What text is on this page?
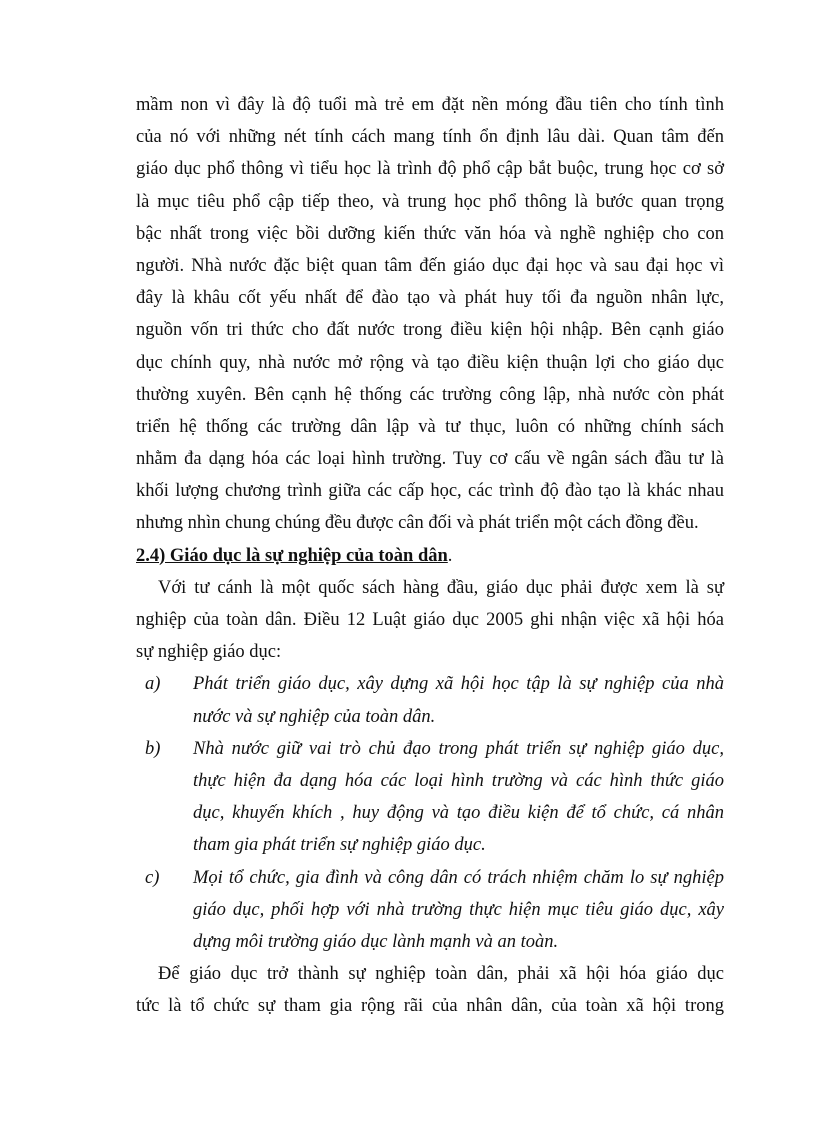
mầm non vì đây là độ tuổi mà trẻ em đặt nền móng đầu tiên cho tính tình
của nó với những nét tính cách mang tính ổn định lâu dài. Quan tâm đến
giáo dục phổ thông vì tiểu học là trình độ phổ cập bắt buộc, trung học cơ sở
là mục tiêu phổ cập tiếp theo, và trung học phổ thông là bước quan trọng
bậc nhất trong việc bồi dưỡng kiến thức văn hóa và nghề nghiệp cho con
người. Nhà nước đặc biệt quan tâm đến giáo dục đại học và sau đại học vì
đây là khâu cốt yếu nhất để đào tạo và phát huy tối đa nguồn nhân lực,
nguồn vốn tri thức cho đất nước trong điều kiện hội nhập. Bên cạnh giáo
dục chính quy, nhà nước mở rộng và tạo điều kiện thuận lợi cho giáo dục
thường xuyên. Bên cạnh hệ thống các trường công lập, nhà nước còn phát
triển hệ thống các trường dân lập và tư thục, luôn có những chính sách
nhằm đa dạng hóa các loại hình trường. Tuy cơ cấu về ngân sách đầu tư là
khối lượng chương trình giữa các cấp học, các trình độ đào tạo là khác nhau
nhưng nhìn chung chúng đều được cân đối và phát triển một cách đồng đều.
2.4) Giáo dục là sự nghiệp của toàn dân.
Với tư cánh là một quốc sách hàng đầu, giáo dục phải được xem là sự
nghiệp của toàn dân. Điều 12 Luật giáo dục 2005 ghi nhận việc xã hội hóa
sự nghiệp giáo dục:
a)	Phát triển giáo dục, xây dựng xã hội học tập là sự nghiệp của nhà
nước và sự nghiệp của toàn dân.
b)	Nhà nước giữ vai trò chủ đạo trong phát triển sự nghiệp giáo dục,
thực hiện đa dạng hóa các loại hình trường và các hình thức giáo
dục, khuyến khích , huy động và tạo điều kiện để tổ chức, cá nhân
tham gia phát triển sự nghiệp giáo dục.
c)	Mọi tổ chức, gia đình và công dân có trách nhiệm chăm lo sự nghiệp
giáo dục, phối hợp với nhà trường thực hiện mục tiêu giáo dục, xây
dựng môi trường giáo dục lành mạnh và an toàn.
Để giáo dục trở thành sự nghiệp toàn dân, phải xã hội hóa giáo dục
tức là tổ chức sự tham gia rộng rãi của nhân dân, của toàn xã hội trong
